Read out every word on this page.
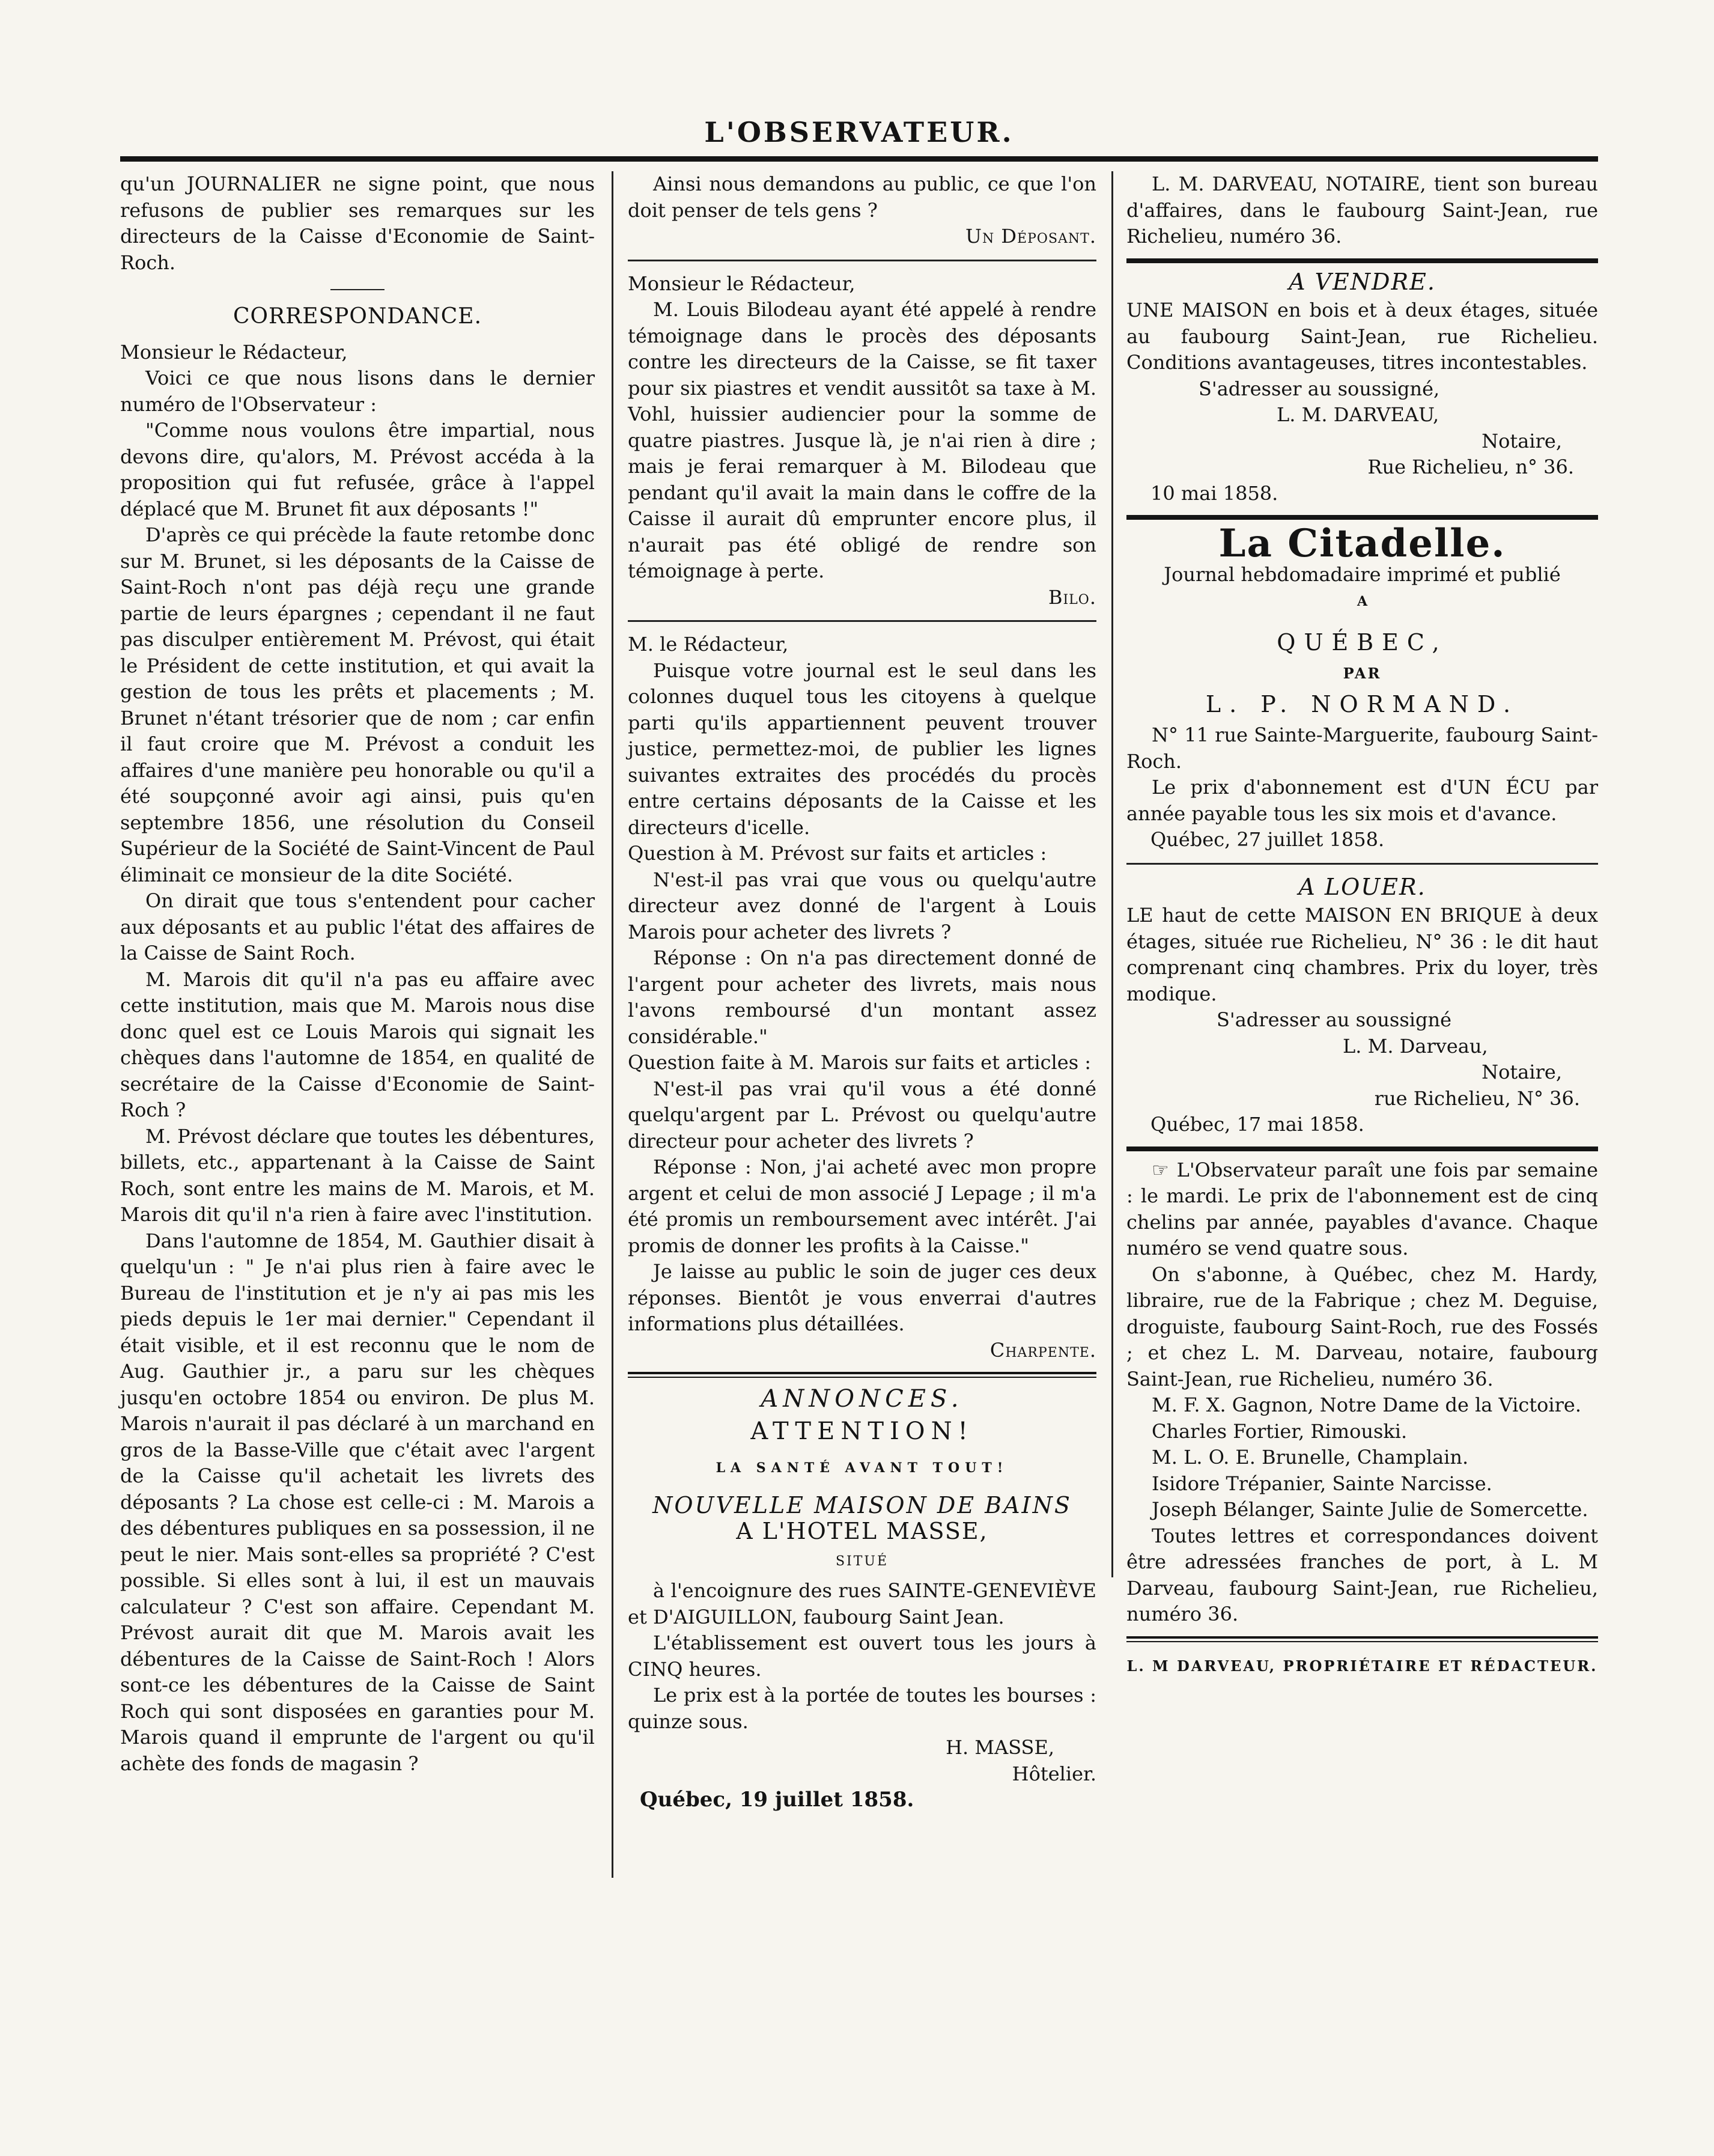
L'OBSERVATEUR.

qu'un JOURNALIER ne signe point, que nous refusons de publier ses remarques sur les directeurs de la Caisse d'Economie de Saint-Roch.

CORRESPONDANCE.

Monsieur le Rédacteur,

Voici ce que nous lisons dans le dernier numéro de l'Observateur :

"Comme nous voulons être impartial, nous devons dire, qu'alors, M. Prévost accéda à la proposition qui fut refusée, grâce à l'appel déplacé que M. Brunet fit aux déposants !"

D'après ce qui précède la faute retombe donc sur M. Brunet, si les déposants de la Caisse de Saint-Roch n'ont pas déjà reçu une grande partie de leurs épargnes ; cependant il ne faut pas disculper entièrement M. Prévost, qui était le Président de cette institution, et qui avait la gestion de tous les prêts et placements ; M. Brunet n'étant trésorier que de nom ; car enfin il faut croire que M. Prévost a conduit les affaires d'une manière peu honorable ou qu'il a été soupçonné avoir agi ainsi, puis qu'en septembre 1856, une résolution du Conseil Supérieur de la Société de Saint-Vincent de Paul éliminait ce monsieur de la dite Société.

On dirait que tous s'entendent pour cacher aux déposants et au public l'état des affaires de la Caisse de Saint Roch.

M. Marois dit qu'il n'a pas eu affaire avec cette institution, mais que M. Marois nous dise donc quel est ce Louis Marois qui signait les chèques dans l'automne de 1854, en qualité de secrétaire de la Caisse d'Economie de Saint-Roch ?

M. Prévost déclare que toutes les débentures, billets, etc., appartenant à la Caisse de Saint Roch, sont entre les mains de M. Marois, et M. Marois dit qu'il n'a rien à faire avec l'institution.

Dans l'automne de 1854, M. Gauthier disait à quelqu'un : " Je n'ai plus rien à faire avec le Bureau de l'institution et je n'y ai pas mis les pieds depuis le 1er mai dernier." Cependant il était visible, et il est reconnu que le nom de Aug. Gauthier jr., a paru sur les chèques jusqu'en octobre 1854 ou environ. De plus M. Marois n'aurait il pas déclaré à un marchand en gros de la Basse-Ville que c'était avec l'argent de la Caisse qu'il achetait les livrets des déposants ? La chose est celle-ci : M. Marois a des débentures publiques en sa possession, il ne peut le nier. Mais sont-elles sa propriété ? C'est possible. Si elles sont à lui, il est un mauvais calculateur ? C'est son affaire. Cependant M. Prévost aurait dit que M. Marois avait les débentures de la Caisse de Saint-Roch ! Alors sont-ce les débentures de la Caisse de Saint Roch qui sont disposées en garanties pour M. Marois quand il emprunte de l'argent ou qu'il achète des fonds de magasin ?

Ainsi nous demandons au public, ce que l'on doit penser de tels gens ?

Un Déposant.

Monsieur le Rédacteur,

M. Louis Bilodeau ayant été appelé à rendre témoignage dans le procès des déposants contre les directeurs de la Caisse, se fit taxer pour six piastres et vendit aussitôt sa taxe à M. Vohl, huissier audiencier pour la somme de quatre piastres. Jusque là, je n'ai rien à dire ; mais je ferai remarquer à M. Bilodeau que pendant qu'il avait la main dans le coffre de la Caisse il aurait dû emprunter encore plus, il n'aurait pas été obligé de rendre son témoignage à perte.

Bilo.

M. le Rédacteur,

Puisque votre journal est le seul dans les colonnes duquel tous les citoyens à quelque parti qu'ils appartiennent peuvent trouver justice, permettez-moi, de publier les lignes suivantes extraites des procédés du procès entre certains déposants de la Caisse et les directeurs d'icelle.

Question à M. Prévost sur faits et articles :

N'est-il pas vrai que vous ou quelqu'autre directeur avez donné de l'argent à Louis Marois pour acheter des livrets ?

Réponse : On n'a pas directement donné de l'argent pour acheter des livrets, mais nous l'avons remboursé d'un montant assez considérable."

Question faite à M. Marois sur faits et articles :

N'est-il pas vrai qu'il vous a été donné quelqu'argent par L. Prévost ou quelqu'autre directeur pour acheter des livrets ?

Réponse : Non, j'ai acheté avec mon propre argent et celui de mon associé J Lepage ; il m'a été promis un remboursement avec intérêt. J'ai promis de donner les profits à la Caisse."

Je laisse au public le soin de juger ces deux réponses. Bientôt je vous enverrai d'autres informations plus détaillées.

Charpente.

ANNONCES.
ATTENTION!
LA SANTÉ AVANT TOUT!
NOUVELLE MAISON DE BAINS
A L'HOTEL MASSE,
SITUÉ

à l'encoignure des rues SAINTE-GENEVIÈVE et D'AIGUILLON, faubourg Saint Jean.

L'établissement est ouvert tous les jours à CINQ heures.

Le prix est à la portée de toutes les bourses : quinze sous.

H. MASSE,

Hôtelier.

Québec, 19 juillet 1858.

L. M. DARVEAU, NOTAIRE, tient son bureau d'affaires, dans le faubourg Saint-Jean, rue Richelieu, numéro 36.

A VENDRE.

UNE MAISON en bois et à deux étages, située au faubourg Saint-Jean, rue Richelieu. Conditions avantageuses, titres incontestables.

S'adresser au soussigné,

L. M. DARVEAU,

Notaire,

Rue Richelieu, n° 36.

10 mai 1858.

La Citadelle.

Journal hebdomadaire imprimé et publié

A
QUÉBEC,
PAR
L. P. NORMAND.

N° 11 rue Sainte-Marguerite, faubourg Saint-Roch.

Le prix d'abonnement est d'UN ÉCU par année payable tous les six mois et d'avance.

Québec, 27 juillet 1858.

A LOUER.

LE haut de cette MAISON EN BRIQUE à deux étages, située rue Richelieu, N° 36 : le dit haut comprenant cinq chambres. Prix du loyer, très modique.

S'adresser au soussigné

L. M. Darveau,

Notaire,

rue Richelieu, N° 36.

Québec, 17 mai 1858.

☞ L'Observateur paraît une fois par semaine : le mardi. Le prix de l'abonnement est de cinq chelins par année, payables d'avance. Chaque numéro se vend quatre sous.

On s'abonne, à Québec, chez M. Hardy, libraire, rue de la Fabrique ; chez M. Deguise, droguiste, faubourg Saint-Roch, rue des Fossés ; et chez L. M. Darveau, notaire, faubourg Saint-Jean, rue Richelieu, numéro 36.

M. F. X. Gagnon, Notre Dame de la Victoire.

Charles Fortier, Rimouski.

M. L. O. E. Brunelle, Champlain.

Isidore Trépanier, Sainte Narcisse.

Joseph Bélanger, Sainte Julie de Somercette.

Toutes lettres et correspondances doivent être adressées franches de port, à L. M Darveau, faubourg Saint-Jean, rue Richelieu, numéro 36.

L. M DARVEAU, PROPRIÉTAIRE ET RÉDACTEUR.
